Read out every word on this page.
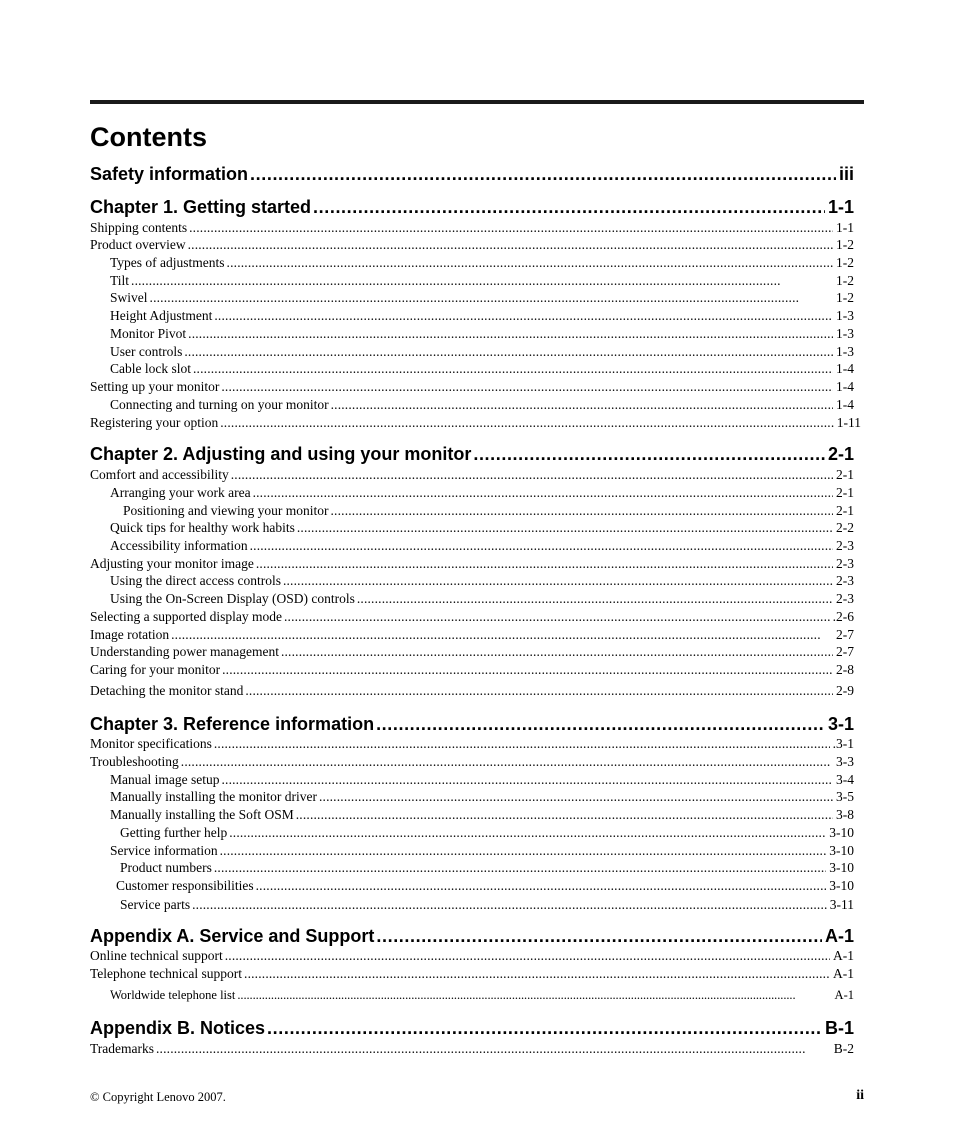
Contents
Safety information . . .	iii
Chapter 1. Getting started . . .	1-1
Shipping contents . . .	1-1
Product overview . . .	1-2
Types of adjustments . . .	1-2
Tilt . . .	1-2
Swivel . . .	1-2
Height Adjustment . . .	1-3
Monitor Pivot . . .	1-3
User controls . . .	1-3
Cable lock slot . . .	1-4
Setting up your monitor . . .	1-4
Connecting and turning on your monitor . . .	1-4
Registering your option . . .	1-11
Chapter 2. Adjusting and using your monitor . . .	2-1
Comfort and accessibility . . .	2-1
Arranging your work area . . .	2-1
Positioning and viewing your monitor . . .	2-1
Quick tips for healthy work habits . . .	2-2
Accessibility information . . .	2-3
Adjusting your monitor image . . .	2-3
Using the direct access controls . . .	2-3
Using the On-Screen Display (OSD) controls . . .	2-3
Selecting a supported display mode . . .	.2-6
Image rotation . . .	2-7
Understanding power management . . .	2-7
Caring for your monitor . . .	2-8
Detaching the monitor stand . . .	2-9
Chapter 3. Reference information . . .	3-1
Monitor specifications . . .	.3-1
Troubleshooting . . .	3-3
Manual image setup . . .	3-4
Manually installing the monitor driver . . .	3-5
Manually installing the Soft OSM . . .	3-8
Getting further help . . .	3-10
Service information . . .	3-10
Product numbers . . .	3-10
Customer responsibilities . . .	3-10
Service parts . . .	3-11
Appendix A. Service and Support . . .	A-1
Online technical support . . .	A-1
Telephone technical support . . .	A-1
Worldwide telephone list . . .	A-1
Appendix B. Notices . . .	B-1
Trademarks . . .	B-2
© Copyright Lenovo 2007.	ii
